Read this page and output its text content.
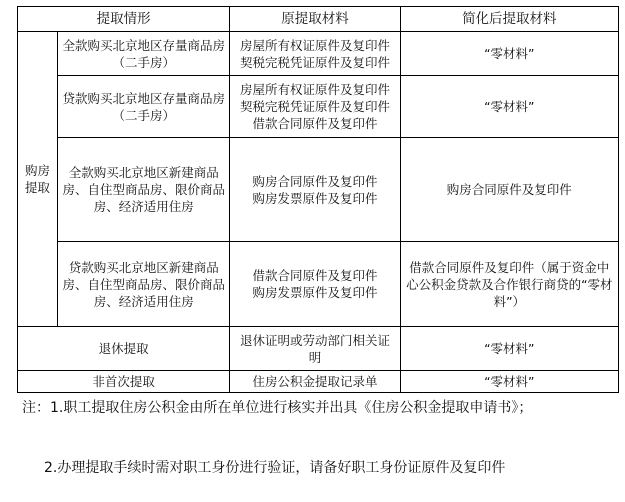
提取情形		原提取材料	简化后提取材料

购房提取	全款购买北京地区存量商品房（二手房）	房屋所有权证原件及复印件
契税完税凭证原件及复印件	“零材料”

	贷款购买北京地区存量商品房（二手房）	房屋所有权证原件及复印件
契税完税凭证原件及复印件
借款合同原件及复印件	“零材料”

	全款购买北京地区新建商品房、自住型商品房、限价商品房、经济适用住房	购房合同原件及复印件
购房发票原件及复印件	购房合同原件及复印件

	贷款购买北京地区新建商品房、自住型商品房、限价商品房、经济适用住房	借款合同原件及复印件
购房发票原件及复印件	借款合同原件及复印件（属于资金中心公积金贷款及合作银行商贷的“零材料”）

退休提取		退休证明或劳动部门相关证明	“零材料”
非首次提取		住房公积金提取记录单	“零材料”
注：1.职工提取住房公积金由所在单位进行核实并出具《住房公积金提取申请书》；
2.办理提取手续时需对职工身份进行验证，请备好职工身份证原件及复印件
